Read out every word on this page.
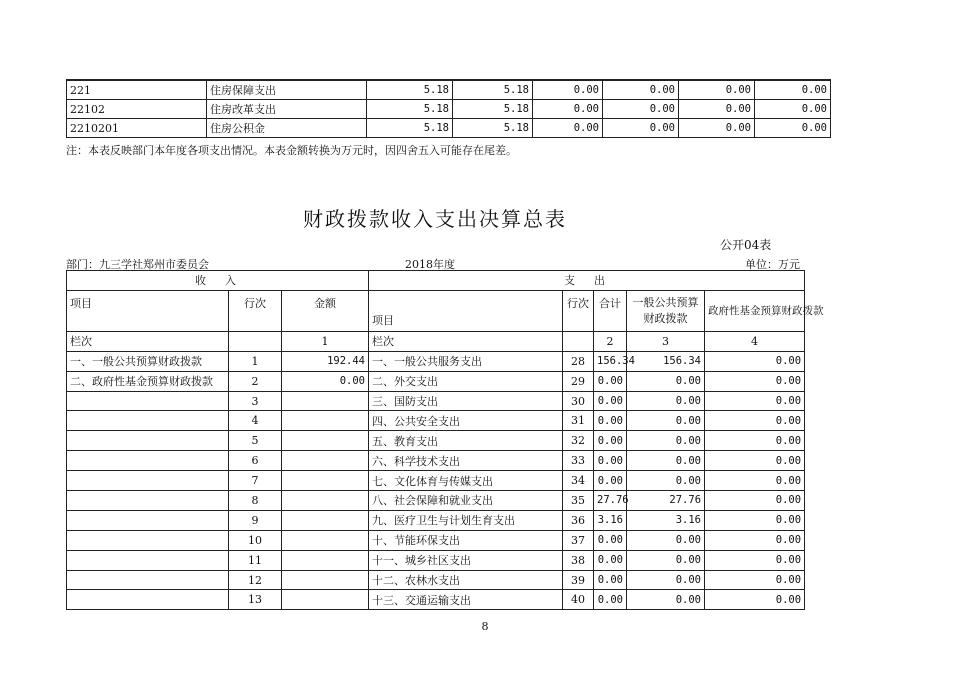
221	住房保障支出	5.18	5.18	0.00	0.00	0.00	0.00
22102	住房改革支出	5.18	5.18	0.00	0.00	0.00	0.00
2210201	住房公积金	5.18	5.18	0.00	0.00	0.00	0.00
注：本表反映部门本年度各项支出情况。本表金额转换为万元时，因四舍五入可能存在尾差。
财政拨款收入支出决算总表
公开04表
部门：九三学社郑州市委员会	2018年度	单位：万元
收　入			支　出				
项目	行次	金额	项目	行次	合计	一般公共预算财政拨款	政府性基金预算财政拨款
栏次		1	栏次		2	3	4
一、一般公共预算财政拨款	1	192.44	一、一般公共服务支出	28	156.34	156.34	0.00
二、政府性基金预算财政拨款	2	0.00	二、外交支出	29	0.00	0.00	0.00
	3		三、国防支出	30	0.00	0.00	0.00
	4		四、公共安全支出	31	0.00	0.00	0.00
	5		五、教育支出	32	0.00	0.00	0.00
	6		六、科学技术支出	33	0.00	0.00	0.00
	7		七、文化体育与传媒支出	34	0.00	0.00	0.00
	8		八、社会保障和就业支出	35	27.76	27.76	0.00
	9		九、医疗卫生与计划生育支出	36	3.16	3.16	0.00
	10		十、节能环保支出	37	0.00	0.00	0.00
	11		十一、城乡社区支出	38	0.00	0.00	0.00
	12		十二、农林水支出	39	0.00	0.00	0.00
	13		十三、交通运输支出	40	0.00	0.00	0.00
8
